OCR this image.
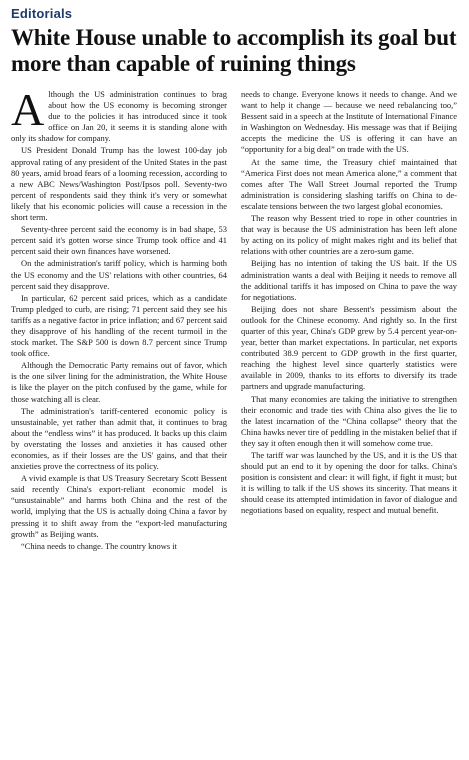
Editorials
White House unable to accomplish its goal but more than capable of ruining things

Although the US administration continues to brag about how the US economy is becoming stronger due to the policies it has introduced since it took office on Jan 20, it seems it is standing alone with only its shadow for company.

US President Donald Trump has the lowest 100-day job approval rating of any president of the United States in the past 80 years, amid broad fears of a looming recession, according to a new ABC News/Washington Post/Ipsos poll. Seventy-two percent of respondents said they think it's very or somewhat likely that his economic policies will cause a recession in the short term.

Seventy-three percent said the economy is in bad shape, 53 percent said it's gotten worse since Trump took office and 41 percent said their own finances have worsened.

On the administration's tariff policy, which is harming both the US economy and the US' relations with other countries, 64 percent said they disapprove.

In particular, 62 percent said prices, which as a candidate Trump pledged to curb, are rising; 71 percent said they see his tariffs as a negative factor in price inflation; and 67 percent said they disapprove of his handling of the recent turmoil in the stock market. The S&P 500 is down 8.7 percent since Trump took office.

Although the Democratic Party remains out of favor, which is the one silver lining for the administration, the White House is like the player on the pitch confused by the game, while for those watching all is clear.

The administration's tariff-centered economic policy is unsustainable, yet rather than admit that, it continues to brag about the “endless wins” it has produced. It backs up this claim by overstating the losses and anxieties it has caused other economies, as if their losses are the US' gains, and that their anxieties prove the correctness of its policy.

A vivid example is that US Treasury Secretary Scott Bessent said recently China's export-reliant economic model is “unsustainable” and harms both China and the rest of the world, implying that the US is actually doing China a favor by pressing it to shift away from the “export-led manufacturing growth” as Beijing wants.

“China needs to change. The country knows it

needs to change. Everyone knows it needs to change. And we want to help it change — because we need rebalancing too,” Bessent said in a speech at the Institute of International Finance in Washington on Wednesday. His message was that if Beijing accepts the medicine the US is offering it can have an “opportunity for a big deal” on trade with the US.

At the same time, the Treasury chief maintained that “America First does not mean America alone,” a comment that comes after The Wall Street Journal reported the Trump administration is considering slashing tariffs on China to de-escalate tensions between the two largest global economies.

The reason why Bessent tried to rope in other countries in that way is because the US administration has been left alone by acting on its policy of might makes right and its belief that relations with other countries are a zero-sum game.

Beijing has no intention of taking the US bait. If the US administration wants a deal with Beijing it needs to remove all the additional tariffs it has imposed on China to pave the way for negotiations.

Beijing does not share Bessent's pessimism about the outlook for the Chinese economy. And rightly so. In the first quarter of this year, China's GDP grew by 5.4 percent year-on-year, better than market expectations. In particular, net exports contributed 38.9 percent to GDP growth in the first quarter, reaching the highest level since quarterly statistics were available in 2009, thanks to its efforts to diversify its trade partners and upgrade manufacturing.

That many economies are taking the initiative to strengthen their economic and trade ties with China also gives the lie to the latest incarnation of the “China collapse” theory that the China hawks never tire of peddling in the mistaken belief that if they say it often enough then it will somehow come true.

The tariff war was launched by the US, and it is the US that should put an end to it by opening the door for talks. China's position is consistent and clear: it will fight, if fight it must; but it is willing to talk if the US shows its sincerity. That means it should cease its attempted intimidation in favor of dialogue and negotiations based on equality, respect and mutual benefit.
